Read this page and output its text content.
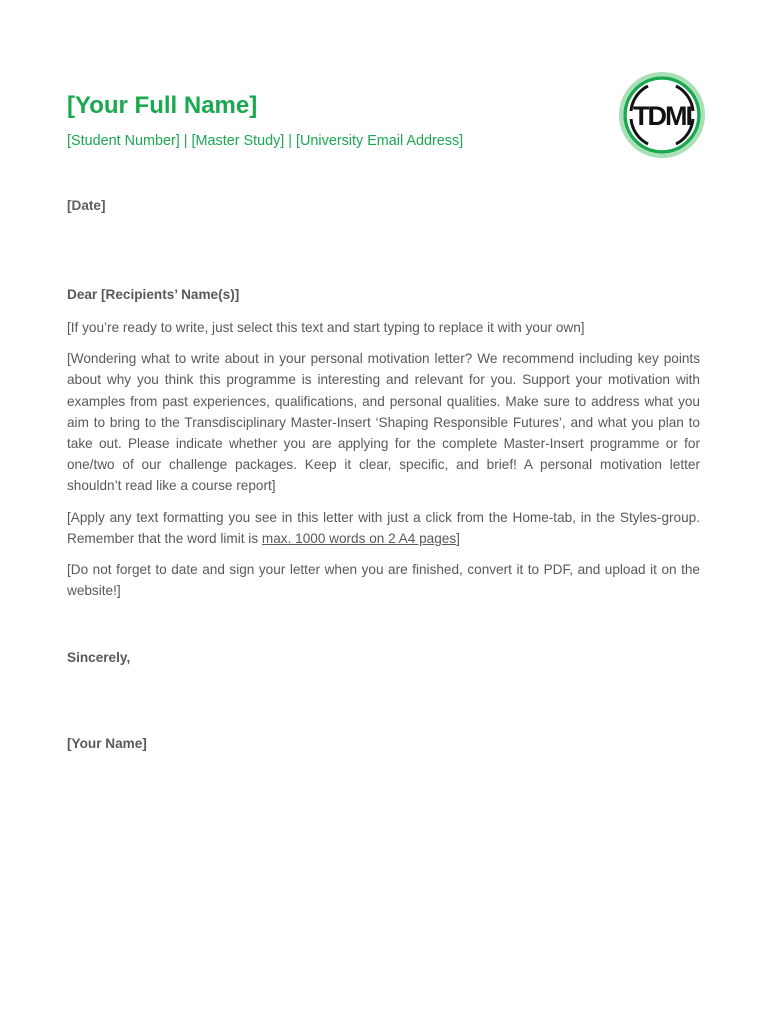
[Your Full Name]
[Student Number] | [Master Study] | [University Email Address]
TDMI
[Date]

Dear [Recipients’ Name(s)]

[If you’re ready to write, just select this text and start typing to replace it with your own]

[Wondering what to write about in your personal motivation letter? We recommend including key points about why you think this programme is interesting and relevant for you. Support your motivation with examples from past experiences, qualifications, and personal qualities. Make sure to address what you aim to bring to the Transdisciplinary Master-Insert ‘Shaping Responsible Futures’, and what you plan to take out. Please indicate whether you are applying for the complete Master-Insert programme or for one/two of our challenge packages. Keep it clear, specific, and brief! A personal motivation letter shouldn’t read like a course report]

[Apply any text formatting you see in this letter with just a click from the Home-tab, in the Styles-group. Remember that the word limit is max. 1000 words on 2 A4 pages]

[Do not forget to date and sign your letter when you are finished, convert it to PDF, and upload it on the website!]

Sincerely,
[Your Name]
